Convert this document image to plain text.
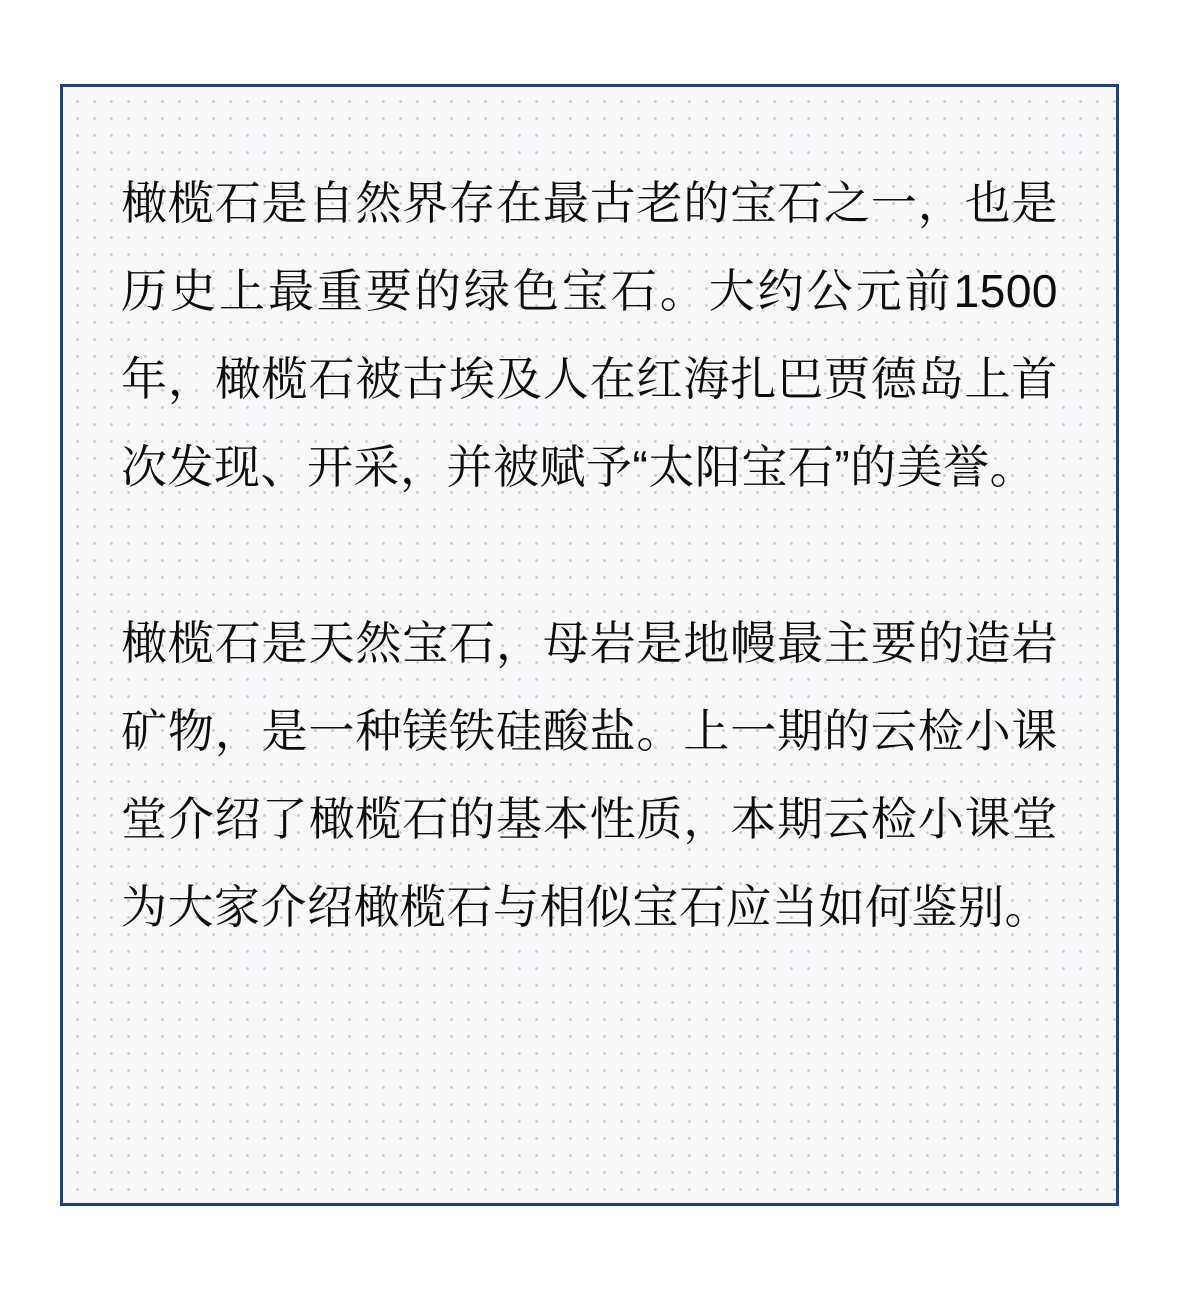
橄榄石是自然界存在最古老的宝石之一，也是历史上最重要的绿色宝石。大约公元前1500年，橄榄石被古埃及人在红海扎巴贾德岛上首次发现、开采，并被赋予“太阳宝石”的美誉。

橄榄石是天然宝石，母岩是地幔最主要的造岩矿物，是一种镁铁硅酸盐。上一期的云检小课堂介绍了橄榄石的基本性质，本期云检小课堂为大家介绍橄榄石与相似宝石应当如何鉴别。
